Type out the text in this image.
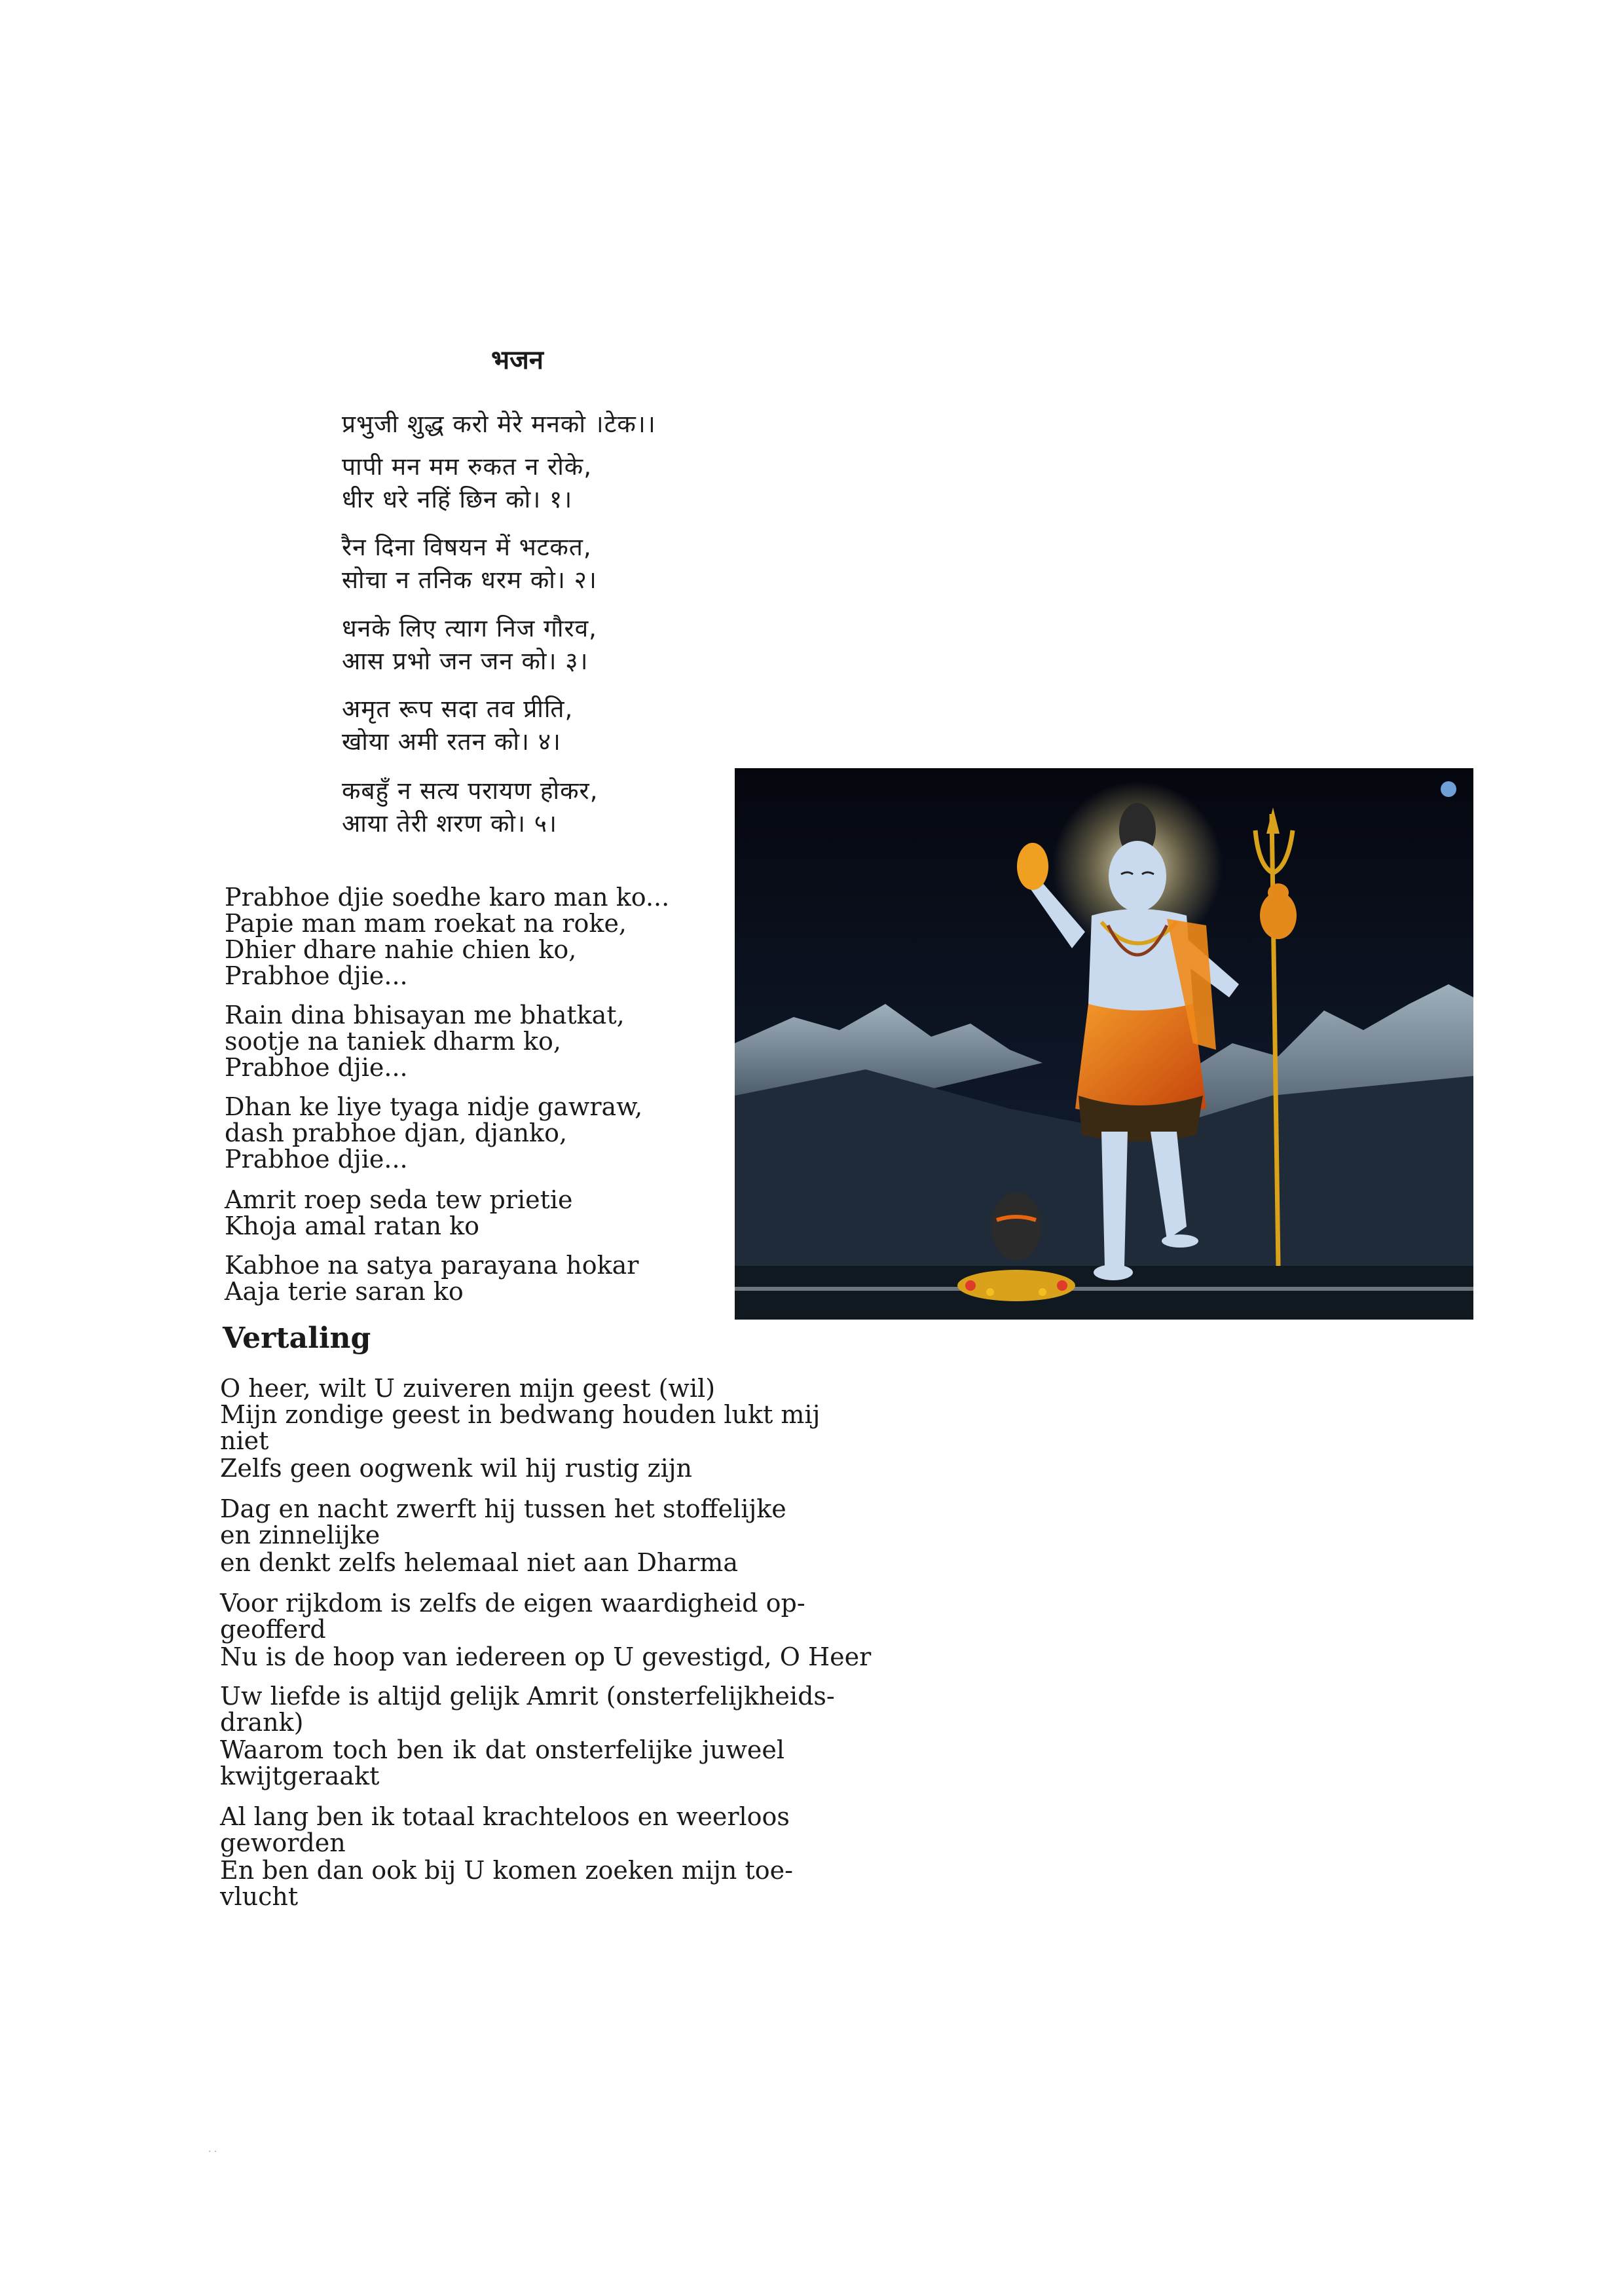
भजन
प्रभुजी शुद्ध करो मेरे मनको ।टेक।।
पापी मन मम रुकत न रोके,
धीर धरे नहिं छिन को। १।
रैन दिना विषयन में भटकत,
सोचा न तनिक धरम को। २।
धनके लिए त्याग निज गौरव,
आस प्रभो जन जन को। ३।
अमृत रूप सदा तव प्रीति,
खोया अमी रतन को। ४।
कबहुँ न सत्य परायण होकर,
आया तेरी शरण को। ५।
Prabhoe djie soedhe karo man ko...
Papie man mam roekat na roke,
Dhier dhare nahie chien ko,
Prabhoe djie...
Rain dina bhisayan me bhatkat,
sootje na taniek dharm ko,
Prabhoe djie...
Dhan ke liye tyaga nidje gawraw,
dash prabhoe djan, djanko,
Prabhoe djie...
Amrit roep seda tew prietie
Khoja amal ratan ko
Kabhoe na satya parayana hokar
Aaja terie saran ko
Vertaling
O heer, wilt U zuiveren mijn geest (wil)
Mijn zondige geest in bedwang houden lukt mij
niet
Zelfs geen oogwenk wil hij rustig zijn
Dag en nacht zwerft hij tussen het stoffelijke
en zinnelijke
en denkt zelfs helemaal niet aan Dharma
Voor rijkdom is zelfs de eigen waardigheid op-
geofferd
Nu is de hoop van iedereen op U gevestigd, O Heer
Uw liefde is altijd gelijk Amrit (onsterfelijkheids-
drank)
Waarom toch ben ik dat onsterfelijke juweel
kwijtgeraakt
Al lang ben ik totaal krachteloos en weerloos
geworden
En ben dan ook bij U komen zoeken mijn toe-
vlucht
· ·
